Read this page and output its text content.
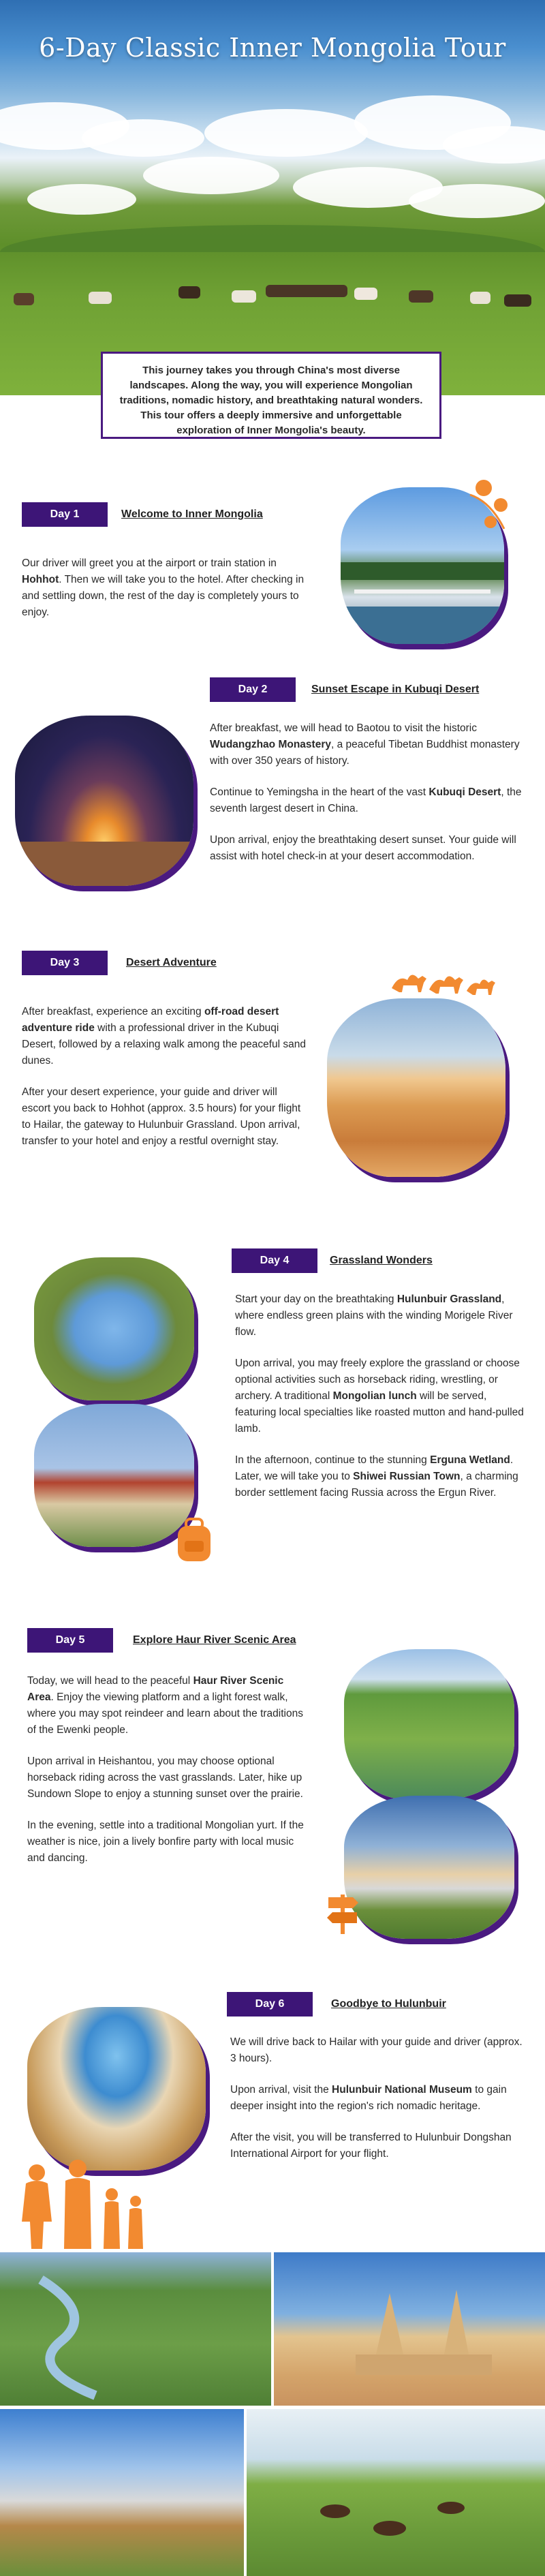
6-Day Classic Inner Mongolia Tour
This journey takes you through China's most diverse landscapes. Along the way, you will experience Mongolian traditions, nomadic history, and breathtaking natural wonders. This tour offers a deeply immersive and unforgettable exploration of Inner Mongolia's beauty.
Day 1	Welcome to Inner Mongolia

Our driver will greet you at the airport or train station in Hohhot. Then we will take you to the hotel. After checking in and settling down, the rest of the day is completely yours to enjoy.

Day 2	Sunset Escape in Kubuqi Desert

After breakfast, we will head to Baotou to visit the historic Wudangzhao Monastery, a peaceful Tibetan Buddhist monastery with over 350 years of history.

Continue to Yemingsha in the heart of the vast Kubuqi Desert, the seventh largest desert in China.

Upon arrival, enjoy the breathtaking desert sunset. Your guide will assist with hotel check-in at your desert accommodation.

Day 3	Desert Adventure

After breakfast, experience an exciting off-road desert adventure ride with a professional driver in the Kubuqi Desert, followed by a relaxing walk among the peaceful sand dunes.

After your desert experience, your guide and driver will escort you back to Hohhot (approx. 3.5 hours) for your flight to Hailar, the gateway to Hulunbuir Grassland. Upon arrival, transfer to your hotel and enjoy a restful overnight stay.

Day 4	Grassland Wonders

Start your day on the breathtaking Hulunbuir Grassland, where endless green plains with the winding Morigele River flow.

Upon arrival, you may freely explore the grassland or choose optional activities such as horseback riding, wrestling, or archery. A traditional Mongolian lunch will be served, featuring local specialties like roasted mutton and hand-pulled lamb.

In the afternoon, continue to the stunning Erguna Wetland. Later, we will take you to Shiwei Russian Town, a charming border settlement facing Russia across the Ergun River.

Day 5	Explore Haur River Scenic Area

Today, we will head to the peaceful Haur River Scenic Area. Enjoy the viewing platform and a light forest walk, where you may spot reindeer and learn about the traditions of the Ewenki people.

Upon arrival in Heishantou, you may choose optional horseback riding across the vast grasslands. Later, hike up Sundown Slope to enjoy a stunning sunset over the prairie.

In the evening, settle into a traditional Mongolian yurt. If the weather is nice, join a lively bonfire party with local music and dancing.

Day 6	Goodbye to Hulunbuir

We will drive back to Hailar with your guide and driver (approx. 3 hours).

Upon arrival, visit the Hulunbuir National Museum to gain deeper insight into the region's rich nomadic heritage.

After the visit, you will be transferred to Hulunbuir Dongshan International Airport for your flight.
